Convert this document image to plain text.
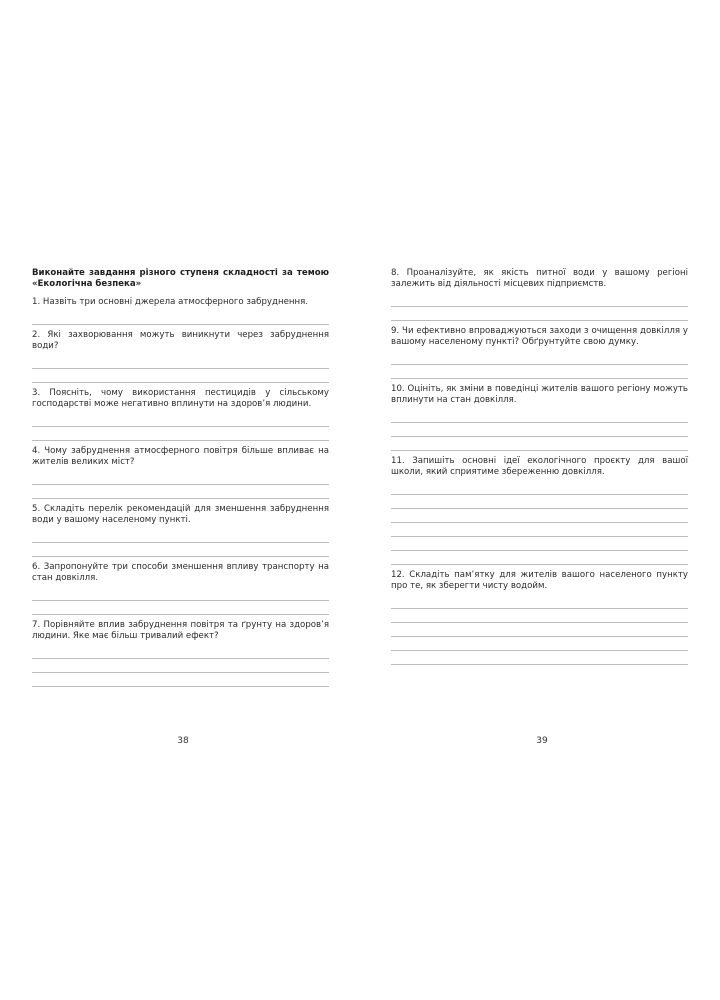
Виконайте завдання різного ступеня складності за темою «Екологічна безпека»

1. Назвіть три основні джерела атмосферного забруднення.

2. Які захворювання можуть виникнути через забруднення води?

3. Поясніть, чому використання пестицидів у сільському господарстві може негативно вплинути на здоров’я людини.

4. Чому забруднення атмосферного повітря більше впливає на жителів великих міст?

5. Складіть перелік рекомендацій для зменшення забруднення води у вашому населеному пункті.

6. Запропонуйте три способи зменшення впливу транспорту на стан довкілля.

7. Порівняйте вплив забруднення повітря та ґрунту на здоров’я людини. Яке має більш тривалий ефект?

8. Проаналізуйте, як якість питної води у вашому регіоні залежить від діяльності місцевих підприємств.

9. Чи ефективно впроваджуються заходи з очищення довкілля у вашому населеному пункті? Обґрунтуйте свою думку.

10. Оцініть, як зміни в поведінці жителів вашого регіону можуть вплинути на стан довкілля.

11. Запишіть основні ідеї екологічного проєкту для вашої школи, який сприятиме збереженню довкілля.

12. Складіть пам’ятку для жителів вашого населеного пункту про те, як зберегти чисту водойм.

38	39
